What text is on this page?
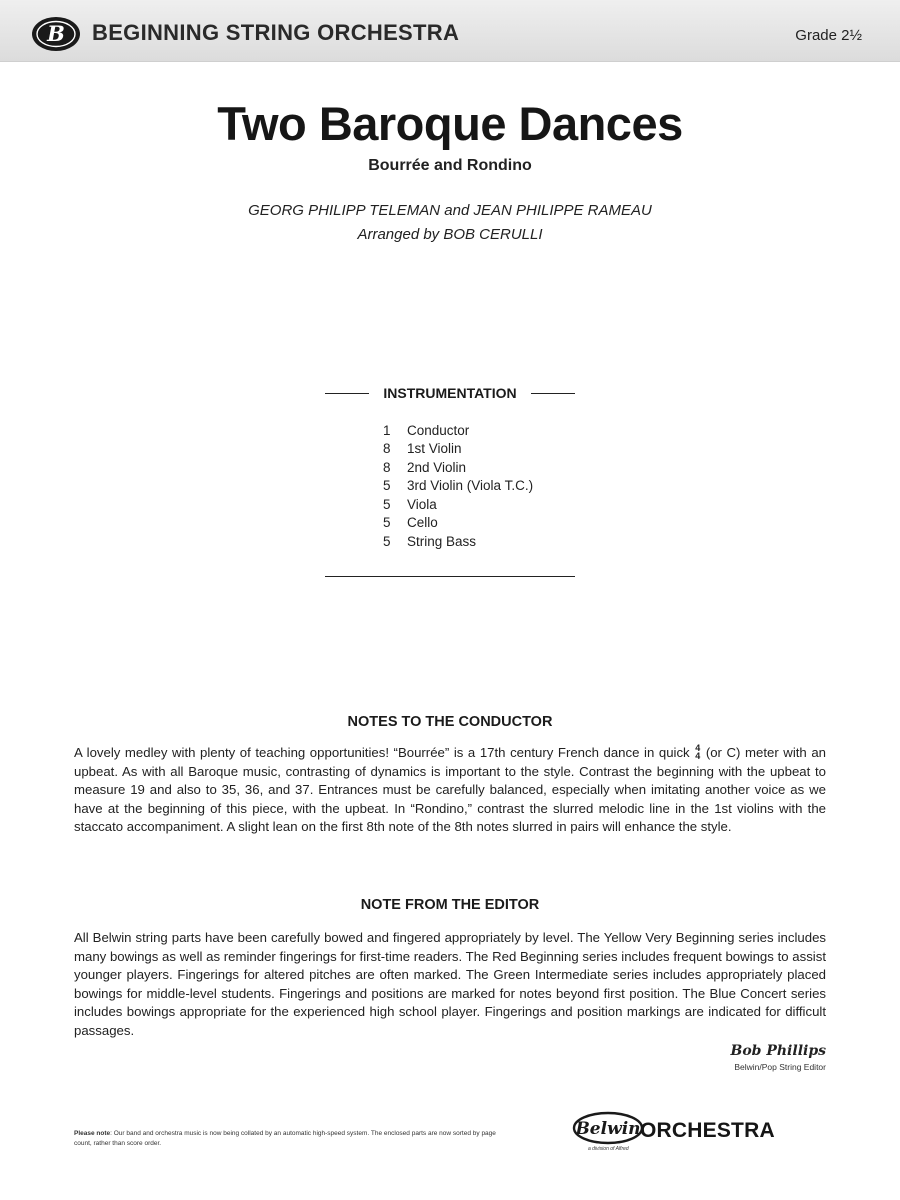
B BEGINNING STRING ORCHESTRA	Grade 2½
Two Baroque Dances
Bourrée and Rondino
GEORG PHILIPP TELEMAN and JEAN PHILIPPE RAMEAU
Arranged by BOB CERULLI
INSTRUMENTATION
1	Conductor
8	1st Violin
8	2nd Violin
5	3rd Violin (Viola T.C.)
5	Viola
5	Cello
5	String Bass
NOTES TO THE CONDUCTOR

A lovely medley with plenty of teaching opportunities! “Bourrée” is a 17th century French dance in quick 4
4 (or C) meter with an upbeat. As with all Baroque music, contrasting of dynamics is important to the style. Contrast the beginning with the upbeat to measure 19 and also to 35, 36, and 37. Entrances must be carefully balanced, especially when imitating another voice as we have at the beginning of this piece, with the upbeat. In “Rondino,” contrast the slurred melodic line in the 1st violins with the staccato accompaniment. A slight lean on the first 8th note of the 8th notes slurred in pairs will enhance the style.

NOTE FROM THE EDITOR

All Belwin string parts have been carefully bowed and fingered appropriately by level. The Yellow Very Beginning series includes many bowings as well as reminder fingerings for first-time readers. The Red Beginning series includes frequent bowings to assist younger players. Fingerings for altered pitches are often marked. The Green Intermediate series includes appropriately placed bowings for middle-level students. Fingerings and positions are marked for notes beyond first position. The Blue Concert series includes bowings appropriate for the experienced high school player. Fingerings and position markings are indicated for difficult passages.

Bob Phillips
Belwin/Pop String Editor

Please note: Our band and orchestra music is now being collated by an automatic high-speed system. The enclosed parts are now sorted by page count, rather than score order.

Belwin ORCHESTRA
a division of Alfred
